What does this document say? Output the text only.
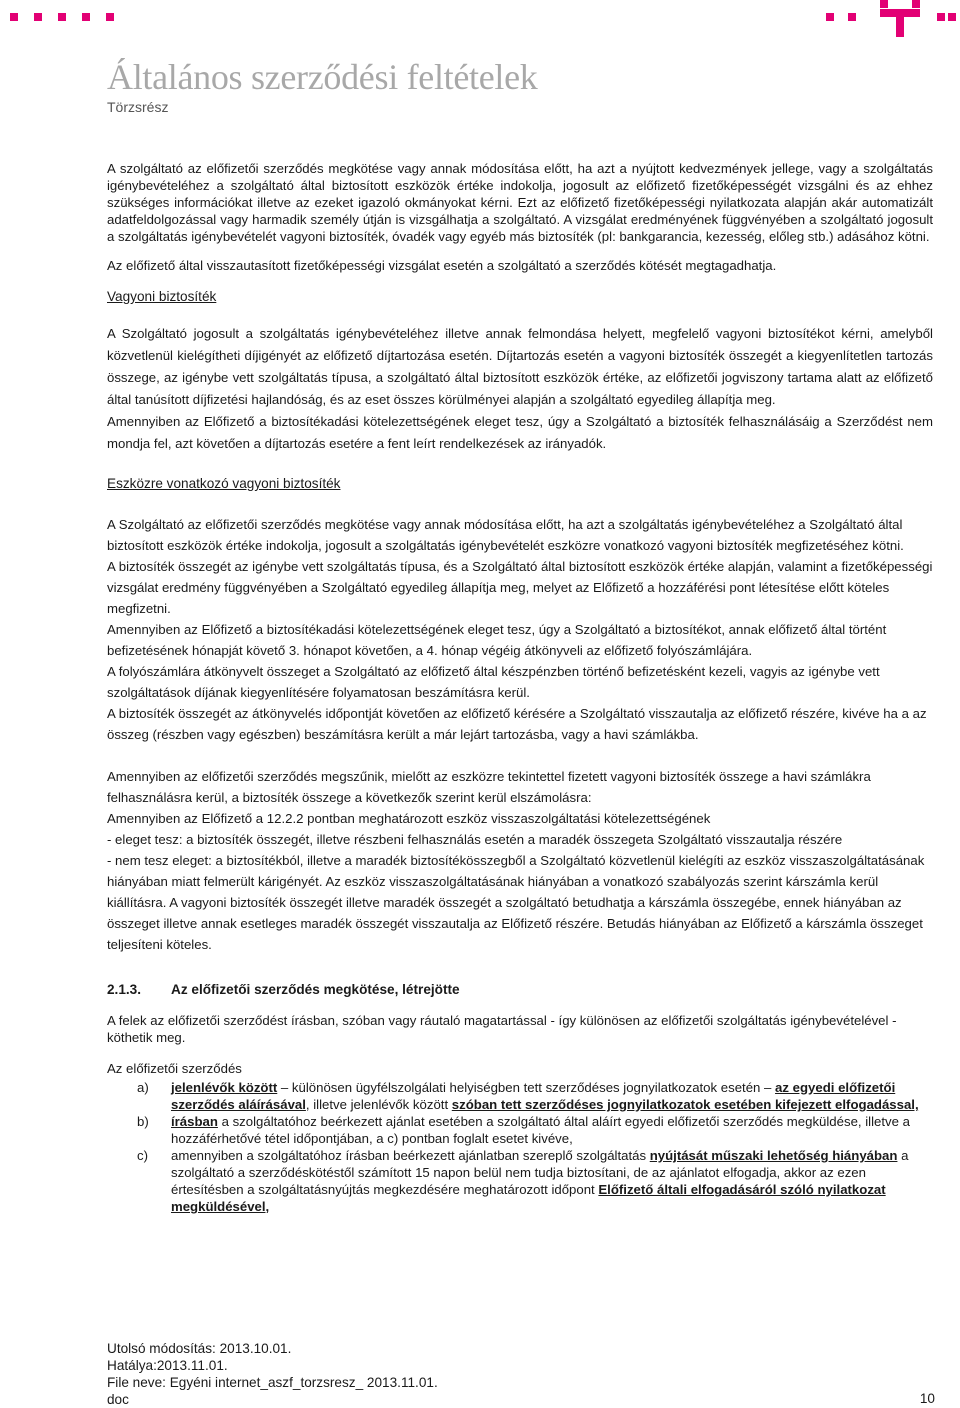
Általános szerződési feltételek
Törzsrész

A szolgáltató az előfizetői szerződés megkötése vagy annak módosítása előtt, ha azt a nyújtott kedvezmények jellege, vagy a szolgáltatás igénybevételéhez a szolgáltató által biztosított eszközök értéke indokolja, jogosult az előfizető fizetőképességét vizsgálni és az ehhez szükséges információkat illetve az ezeket igazoló okmányokat kérni. Ezt az előfizető fizetőképességi nyilatkozata alapján akár automatizált adatfeldolgozással vagy harmadik személy útján is vizsgálhatja a szolgáltató. A vizsgálat eredményének függvényében a szolgáltató jogosult a szolgáltatás igénybevételét vagyoni biztosíték, óvadék vagy egyéb más biztosíték (pl: bankgarancia, kezesség, előleg stb.) adásához kötni.

Az előfizető által visszautasított fizetőképességi vizsgálat esetén a szolgáltató a szerződés kötését megtagadhatja.

Vagyoni biztosíték

A Szolgáltató jogosult a szolgáltatás igénybevételéhez illetve annak felmondása helyett, megfelelő vagyoni biztosítékot kérni, amelyből közvetlenül kielégítheti díjigényét az előfizető díjtartozása esetén. Díjtartozás esetén a vagyoni biztosíték összegét a kiegyenlítetlen tartozás összege, az igénybe vett szolgáltatás típusa, a szolgáltató által biztosított eszközök értéke, az előfizetői jogviszony tartama alatt az előfizető által tanúsított díjfizetési hajlandóság, és az eset összes körülményei alapján a szolgáltató egyedileg állapítja meg.

Amennyiben az Előfizető a biztosítékadási kötelezettségének eleget tesz, úgy a Szolgáltató a biztosíték felhasználásáig a Szerződést nem mondja fel, azt követően a díjtartozás esetére a fent leírt rendelkezések az irányadók.

Eszközre vonatkozó vagyoni biztosíték

A Szolgáltató az előfizetői szerződés megkötése vagy annak módosítása előtt, ha azt a szolgáltatás igénybevételéhez a Szolgáltató által biztosított eszközök értéke indokolja, jogosult a szolgáltatás igénybevételét eszközre vonatkozó vagyoni biztosíték megfizetéséhez kötni.

A biztosíték összegét az igénybe vett szolgáltatás típusa, és a Szolgáltató által biztosított eszközök értéke alapján, valamint a fizetőképességi vizsgálat eredmény függvényében a Szolgáltató egyedileg állapítja meg, melyet az Előfizető a hozzáférési pont létesítése előtt köteles megfizetni.

Amennyiben az Előfizető a biztosítékadási kötelezettségének eleget tesz, úgy a Szolgáltató a biztosítékot, annak előfizető által történt befizetésének hónapját követő 3. hónapot követően, a 4. hónap végéig átkönyveli az előfizető folyószámlájára.

A folyószámlára átkönyvelt összeget a Szolgáltató az előfizető által készpénzben történő befizetésként kezeli, vagyis az igénybe vett szolgáltatások díjának kiegyenlítésére folyamatosan beszámításra kerül.

A biztosíték összegét az átkönyvelés időpontját követően az előfizető kérésére a Szolgáltató visszautalja az előfizető részére, kivéve ha a az összeg (részben vagy egészben) beszámításra került a már lejárt tartozásba, vagy a havi számlákba.

Amennyiben az előfizetői szerződés megszűnik, mielőtt az eszközre tekintettel fizetett vagyoni biztosíték összege a havi számlákra felhasználásra kerül, a biztosíték összege a következők szerint kerül elszámolásra:

Amennyiben az Előfizető a 12.2.2 pontban meghatározott eszköz visszaszolgáltatási kötelezettségének

- eleget tesz: a biztosíték összegét, illetve részbeni felhasználás esetén a maradék összegeta Szolgáltató visszautalja részére

- nem tesz eleget: a biztosítékból, illetve a maradék biztosítékösszegből a Szolgáltató közvetlenül kielégíti az eszköz visszaszolgáltatásának hiányában miatt felmerült kárigényét. Az eszköz visszaszolgáltatásának hiányában a vonatkozó szabályozás szerint kárszámla kerül kiállításra. A vagyoni biztosíték összegét illetve maradék összegét a szolgáltató betudhatja a kárszámla összegébe, ennek hiányában az összeget illetve annak esetleges maradék összegét visszautalja az Előfizető részére. Betudás hiányában az Előfizető a kárszámla összeget teljesíteni köteles.

2.1.3. Az előfizetői szerződés megkötése, létrejötte

A felek az előfizetői szerződést írásban, szóban vagy ráutaló magatartással - így különösen az előfizetői szolgáltatás igénybevételével - köthetik meg.

Az előfizetői szerződés

a)	jelenlévők között – különösen ügyfélszolgálati helyiségben tett szerződéses jognyilatkozatok esetén – az egyedi előfizetői szerződés aláírásával, illetve jelenlévők között szóban tett szerződéses jognyilatkozatok esetében kifejezett elfogadással,
b)	írásban a szolgáltatóhoz beérkezett ajánlat esetében a szolgáltató által aláírt egyedi előfizetői szerződés megküldése, illetve a hozzáférhetővé tétel időpontjában, a c) pontban foglalt esetet kivéve,
c)	amennyiben a szolgáltatóhoz írásban beérkezett ajánlatban szereplő szolgáltatás nyújtását műszaki lehetőség hiányában a szolgáltató a szerződéskötéstől számított 15 napon belül nem tudja biztosítani, de az ajánlatot elfogadja, akkor az ezen értesítésben a szolgáltatásnyújtás megkezdésére meghatározott időpont Előfizető általi elfogadásáról szóló nyilatkozat megküldésével,
Utolsó módosítás: 2013.10.01.
Hatálya:2013.11.01.
File neve: Egyéni internet_aszf_torzsresz_ 2013.11.01.
doc	10
